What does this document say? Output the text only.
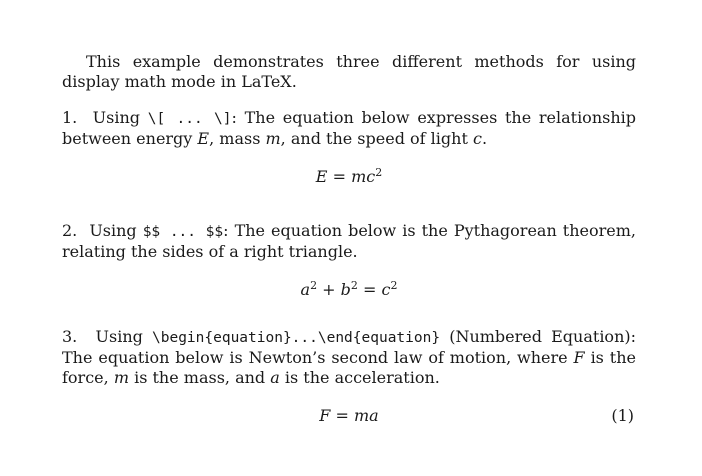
This example demonstrates three different methods for using display math mode in LaTeX.

1. Using \[ ... \]: The equation below expresses the relationship between energy E, mass m, and the speed of light c.

$E = mc^2$

2. Using $$ ... $$: The equation below is the Pythagorean theorem, relating the sides of a right triangle.

$a^2 + b^2 = c^2$

3. Using \begin{equation}...\end{equation} (Numbered Equation): The equation below is Newton’s second law of motion, where F is the force, m is the mass, and a is the acceleration.

F = ma	(1)
